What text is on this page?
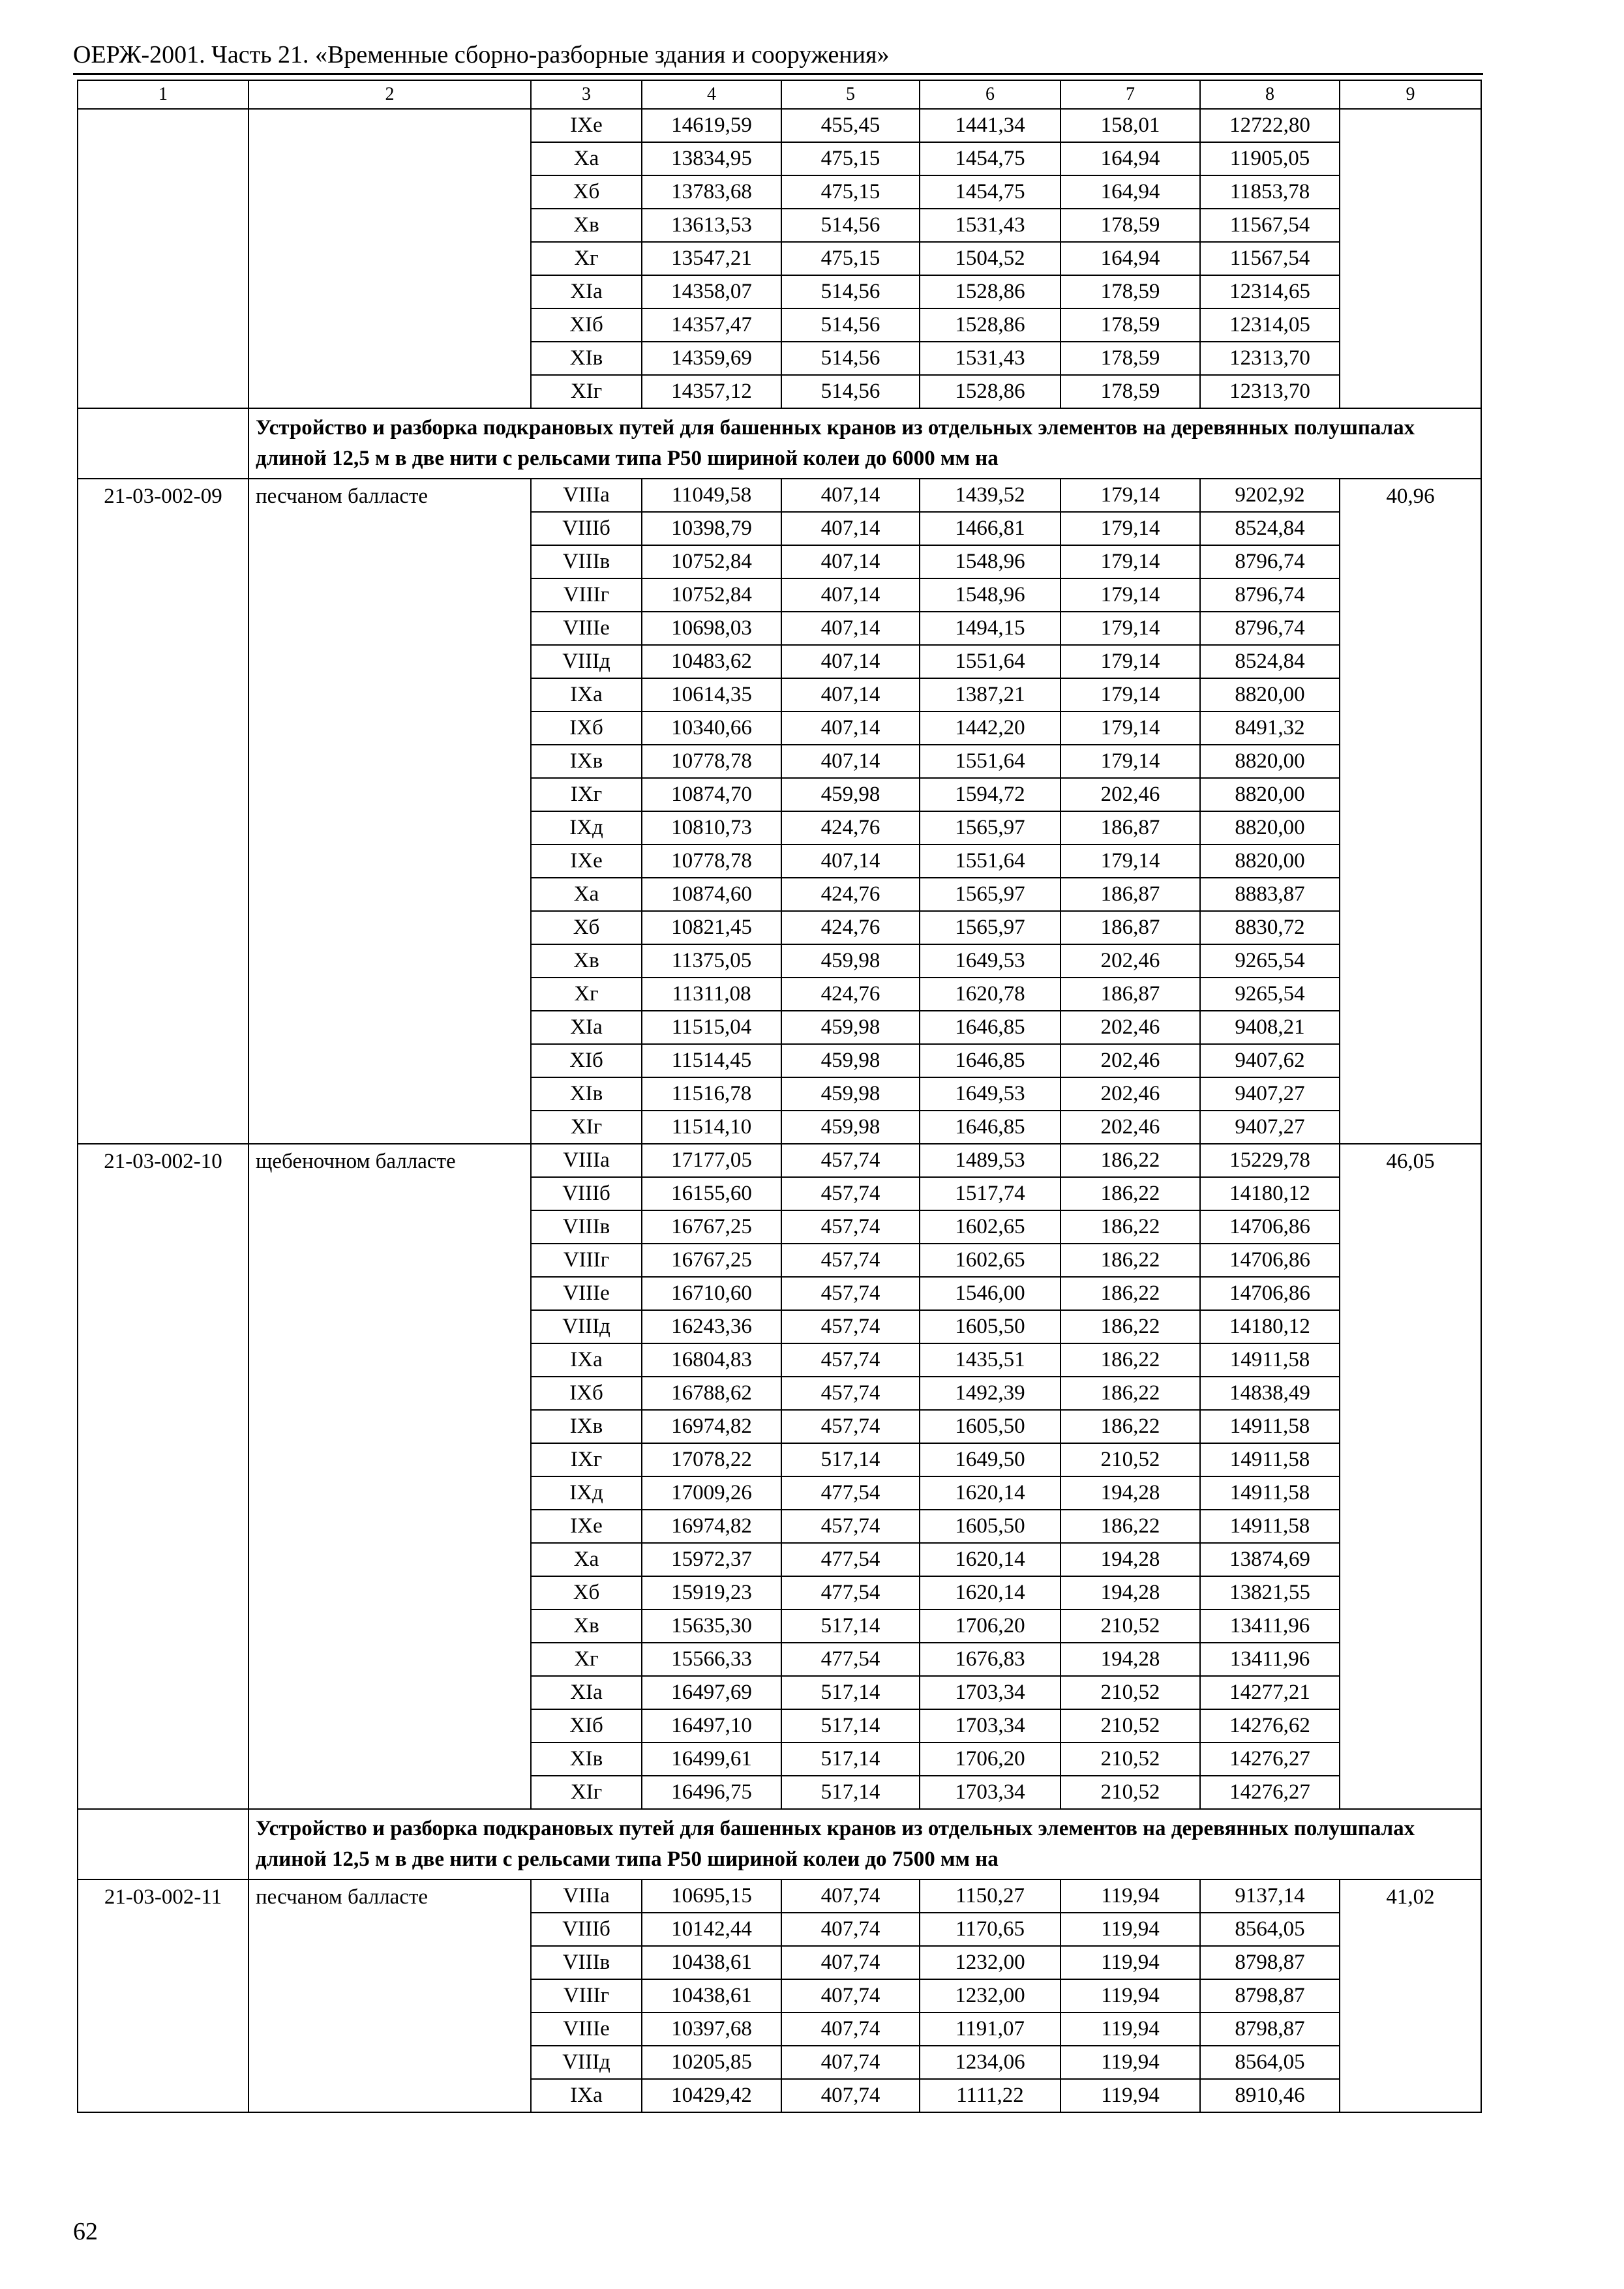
ОЕРЖ-2001. Часть 21. «Временные сборно-разборные здания и сооружения»
1	2	3	4	5	6	7	8	9
		IXe	14619,59	455,45	1441,34	158,01	12722,80	
		Xa	13834,95	475,15	1454,75	164,94	11905,05	
		Xб	13783,68	475,15	1454,75	164,94	11853,78	
		Xв	13613,53	514,56	1531,43	178,59	11567,54	
		Xг	13547,21	475,15	1504,52	164,94	11567,54	
		XIa	14358,07	514,56	1528,86	178,59	12314,65	
		XIб	14357,47	514,56	1528,86	178,59	12314,05	
		XIв	14359,69	514,56	1531,43	178,59	12313,70	
		XIг	14357,12	514,56	1528,86	178,59	12313,70	
	Устройство и разборка подкрановых путей для башенных кранов из отдельных элементов на деревянных полушпалах длиной 12,5 м в две нити с рельсами типа Р50 шириной колеи до 6000 мм на							
21-03-002-09	песчаном балласте	VIIIa	11049,58	407,14	1439,52	179,14	9202,92	40,96
		VIIIб	10398,79	407,14	1466,81	179,14	8524,84	
		VIIIв	10752,84	407,14	1548,96	179,14	8796,74	
		VIIIг	10752,84	407,14	1548,96	179,14	8796,74	
		VIIIe	10698,03	407,14	1494,15	179,14	8796,74	
		VIIIд	10483,62	407,14	1551,64	179,14	8524,84	
		IXa	10614,35	407,14	1387,21	179,14	8820,00	
		IXб	10340,66	407,14	1442,20	179,14	8491,32	
		IXв	10778,78	407,14	1551,64	179,14	8820,00	
		IXг	10874,70	459,98	1594,72	202,46	8820,00	
		IXд	10810,73	424,76	1565,97	186,87	8820,00	
		IXe	10778,78	407,14	1551,64	179,14	8820,00	
		Xa	10874,60	424,76	1565,97	186,87	8883,87	
		Xб	10821,45	424,76	1565,97	186,87	8830,72	
		Xв	11375,05	459,98	1649,53	202,46	9265,54	
		Xг	11311,08	424,76	1620,78	186,87	9265,54	
		XIa	11515,04	459,98	1646,85	202,46	9408,21	
		XIб	11514,45	459,98	1646,85	202,46	9407,62	
		XIв	11516,78	459,98	1649,53	202,46	9407,27	
		XIг	11514,10	459,98	1646,85	202,46	9407,27	
21-03-002-10	щебеночном балласте	VIIIa	17177,05	457,74	1489,53	186,22	15229,78	46,05
		VIIIб	16155,60	457,74	1517,74	186,22	14180,12	
		VIIIв	16767,25	457,74	1602,65	186,22	14706,86	
		VIIIг	16767,25	457,74	1602,65	186,22	14706,86	
		VIIIe	16710,60	457,74	1546,00	186,22	14706,86	
		VIIIд	16243,36	457,74	1605,50	186,22	14180,12	
		IXa	16804,83	457,74	1435,51	186,22	14911,58	
		IXб	16788,62	457,74	1492,39	186,22	14838,49	
		IXв	16974,82	457,74	1605,50	186,22	14911,58	
		IXг	17078,22	517,14	1649,50	210,52	14911,58	
		IXд	17009,26	477,54	1620,14	194,28	14911,58	
		IXe	16974,82	457,74	1605,50	186,22	14911,58	
		Xa	15972,37	477,54	1620,14	194,28	13874,69	
		Xб	15919,23	477,54	1620,14	194,28	13821,55	
		Xв	15635,30	517,14	1706,20	210,52	13411,96	
		Xг	15566,33	477,54	1676,83	194,28	13411,96	
		XIa	16497,69	517,14	1703,34	210,52	14277,21	
		XIб	16497,10	517,14	1703,34	210,52	14276,62	
		XIв	16499,61	517,14	1706,20	210,52	14276,27	
		XIг	16496,75	517,14	1703,34	210,52	14276,27	
	Устройство и разборка подкрановых путей для башенных кранов из отдельных элементов на деревянных полушпалах длиной 12,5 м в две нити с рельсами типа Р50 шириной колеи до 7500 мм на							
21-03-002-11	песчаном балласте	VIIIa	10695,15	407,74	1150,27	119,94	9137,14	41,02
		VIIIб	10142,44	407,74	1170,65	119,94	8564,05	
		VIIIв	10438,61	407,74	1232,00	119,94	8798,87	
		VIIIг	10438,61	407,74	1232,00	119,94	8798,87	
		VIIIe	10397,68	407,74	1191,07	119,94	8798,87	
		VIIIд	10205,85	407,74	1234,06	119,94	8564,05	
		IXa	10429,42	407,74	1111,22	119,94	8910,46	
62
